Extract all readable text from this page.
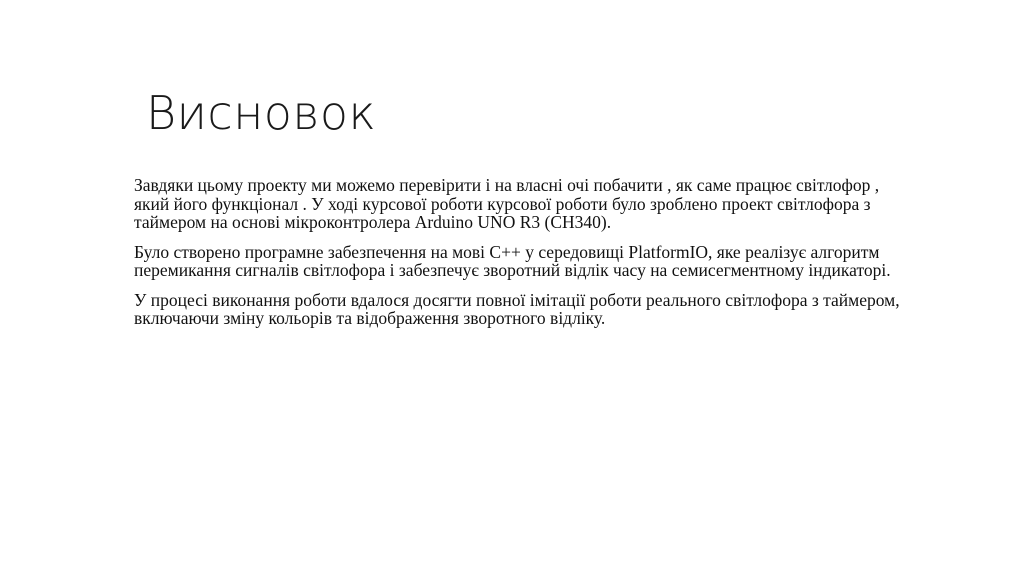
Висновок

Завдяки цьому проекту ми можемо перевірити і на власні очі побачити , як саме працює світлофор , який його функціонал . У ході курсової роботи курсової роботи було зроблено проект світлофора з таймером на основі мікроконтролера Arduino UNO R3 (CH340).

Було створено програмне забезпечення на мові C++ у середовищі PlatformIO, яке реалізує алгоритм перемикання сигналів світлофора і забезпечує зворотний відлік часу на семисегментному індикаторі.

У процесі виконання роботи вдалося досягти повної імітації роботи реального світлофора з таймером, включаючи зміну кольорів та відображення зворотного відліку.
